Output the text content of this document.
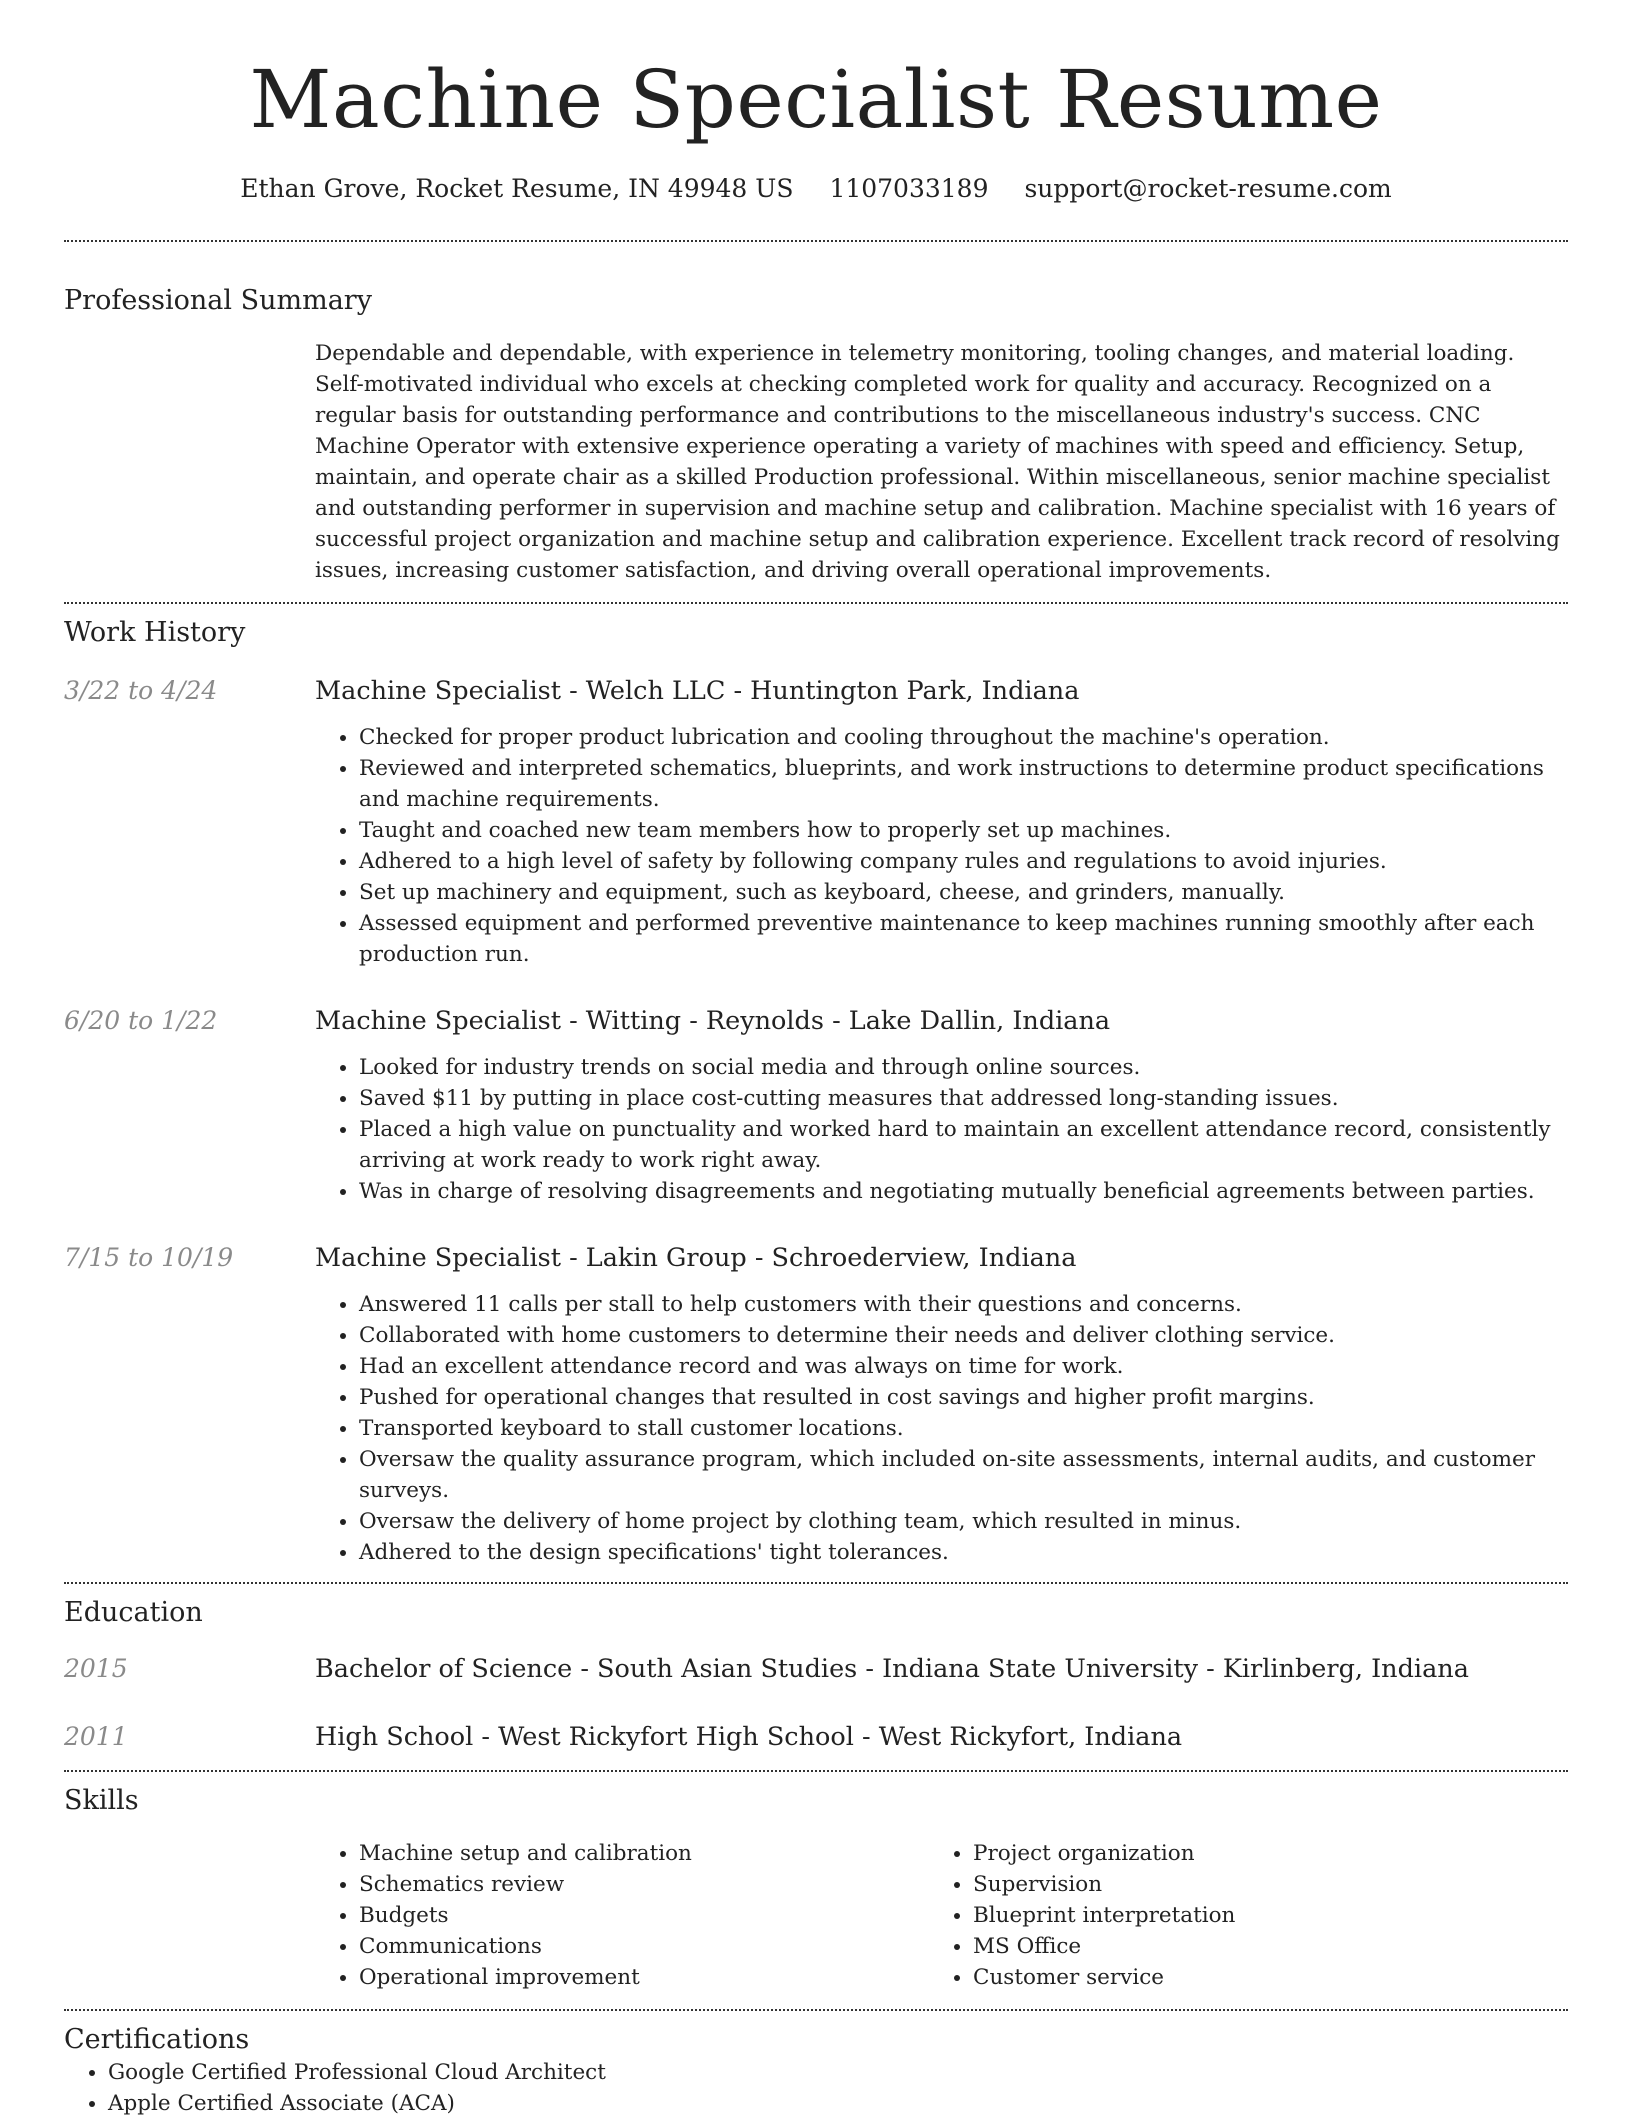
Machine Specialist Resume
Ethan Grove, Rocket Resume, IN 49948 US 1107033189 support@rocket-resume.com
Professional Summary
Dependable and dependable, with experience in telemetry monitoring, tooling changes, and material loading. Self-motivated individual who excels at checking completed work for quality and accuracy. Recognized on a regular basis for outstanding performance and contributions to the miscellaneous industry's success. CNC Machine Operator with extensive experience operating a variety of machines with speed and efficiency. Setup, maintain, and operate chair as a skilled Production professional. Within miscellaneous, senior machine specialist and outstanding performer in supervision and machine setup and calibration. Machine specialist with 16 years of successful project organization and machine setup and calibration experience. Excellent track record of resolving issues, increasing customer satisfaction, and driving overall operational improvements.
Work History
3/22 to 4/24	Machine Specialist - Welch LLC - Huntington Park, Indiana
• Checked for proper product lubrication and cooling throughout the machine's operation.
• Reviewed and interpreted schematics, blueprints, and work instructions to determine product specifications and machine requirements.
• Taught and coached new team members how to properly set up machines.
• Adhered to a high level of safety by following company rules and regulations to avoid injuries.
• Set up machinery and equipment, such as keyboard, cheese, and grinders, manually.
• Assessed equipment and performed preventive maintenance to keep machines running smoothly after each production run.
6/20 to 1/22	Machine Specialist - Witting - Reynolds - Lake Dallin, Indiana
• Looked for industry trends on social media and through online sources.
• Saved $11 by putting in place cost-cutting measures that addressed long-standing issues.
• Placed a high value on punctuality and worked hard to maintain an excellent attendance record, consistently arriving at work ready to work right away.
• Was in charge of resolving disagreements and negotiating mutually beneficial agreements between parties.
7/15 to 10/19	Machine Specialist - Lakin Group - Schroederview, Indiana
• Answered 11 calls per stall to help customers with their questions and concerns.
• Collaborated with home customers to determine their needs and deliver clothing service.
• Had an excellent attendance record and was always on time for work.
• Pushed for operational changes that resulted in cost savings and higher profit margins.
• Transported keyboard to stall customer locations.
• Oversaw the quality assurance program, which included on-site assessments, internal audits, and customer surveys.
• Oversaw the delivery of home project by clothing team, which resulted in minus.
• Adhered to the design specifications' tight tolerances.
Education
2015	Bachelor of Science - South Asian Studies - Indiana State University - Kirlinberg, Indiana
2011	High School - West Rickyfort High School - West Rickyfort, Indiana
Skills
• Machine setup and calibration
• Schematics review
• Budgets
• Communications
• Operational improvement
• Project organization
• Supervision
• Blueprint interpretation
• MS Office
• Customer service
Certifications
• Google Certified Professional Cloud Architect
• Apple Certified Associate (ACA)
